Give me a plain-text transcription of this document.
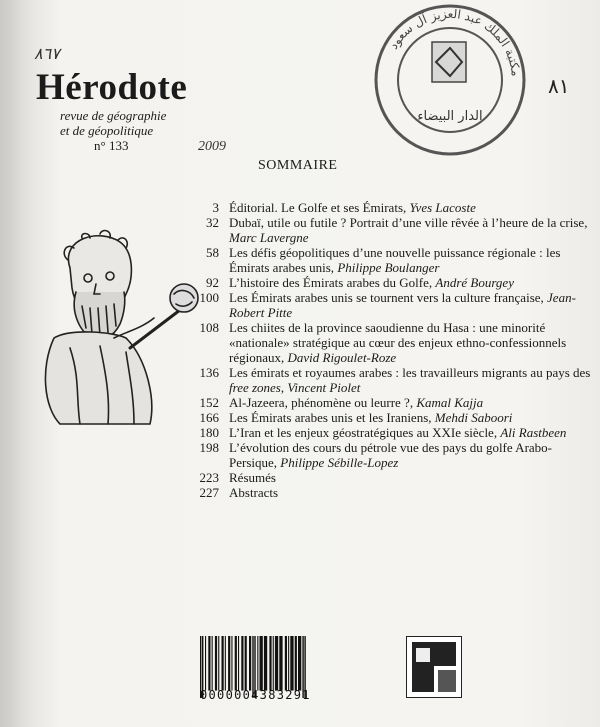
٨٦٧
٨١
2009
Hérodote
revue de géographie
et de géopolitique
n° 133
مكتبة الملك عبد العزيز آل سعود
الدار البيضاء
SOMMAIRE
3 Éditorial. Le Golfe et ses Émirats, Yves Lacoste
32 Dubaï, utile ou futile ? Portrait d’une ville rêvée à l’heure de la crise, Marc Lavergne
58 Les défis géopolitiques d’une nouvelle puissance régionale : les Émirats arabes unis, Philippe Boulanger
92 L’histoire des Émirats arabes du Golfe, André Bourgey
100 Les Émirats arabes unis se tournent vers la culture française, Jean-Robert Pitte
108 Les chiites de la province saoudienne du Hasa : une minorité «nationale» stratégique au cœur des enjeux ethno-confessionnels régionaux, David Rigoulet-Roze
136 Les émirats et royaumes arabes : les travailleurs migrants au pays des free zones, Vincent Piolet
152 Al-Jazeera, phénomène ou leurre ?, Kamal Kajja
166 Les Émirats arabes unis et les Iraniens, Mehdi Saboori
180 L’Iran et les enjeux géostratégiques au XXIe siècle, Ali Rastbeen
198 L’évolution des cours du pétrole vue des pays du golfe Arabo-Persique, Philippe Sébille-Lopez
223 Résumés
227 Abstracts
0000004383291
